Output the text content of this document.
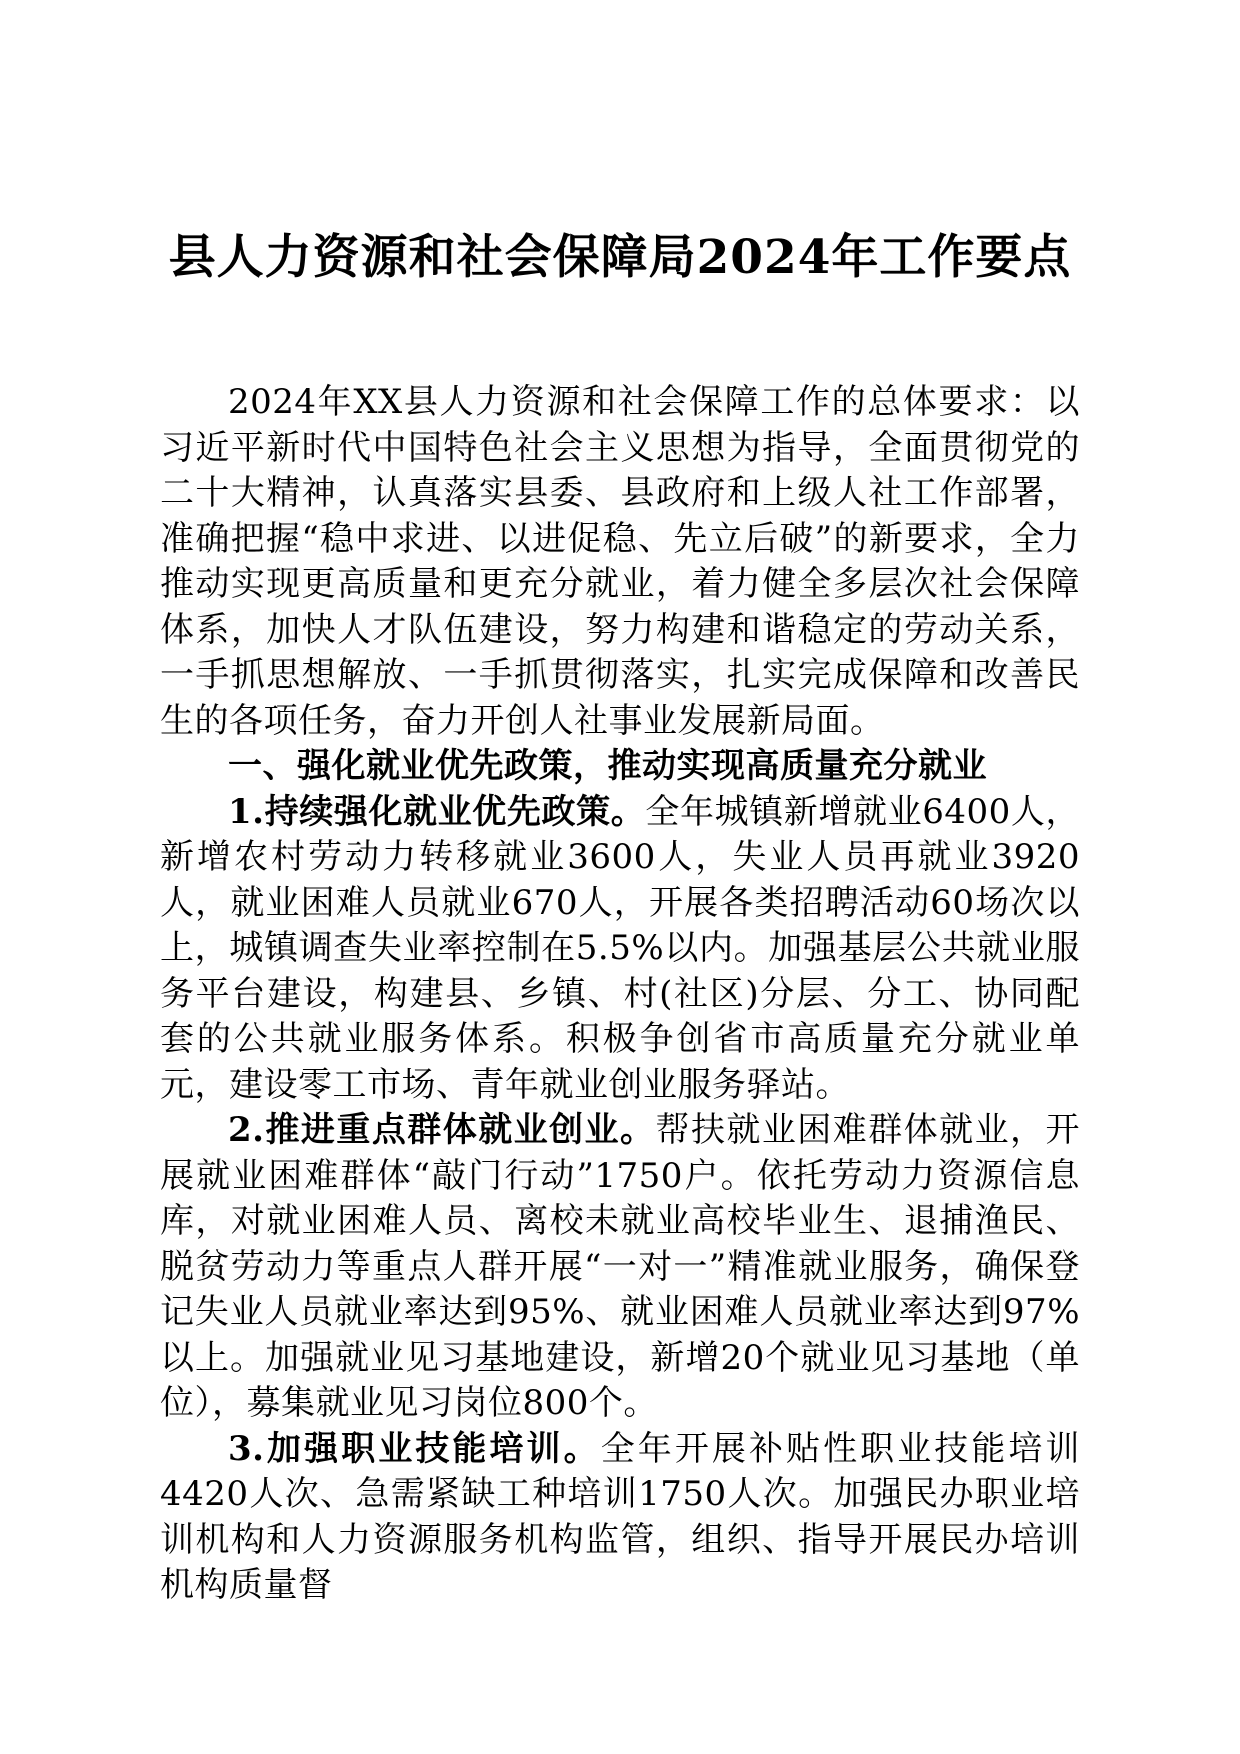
县人力资源和社会保障局2024年工作要点

2024年XX县人力资源和社会保障工作的总体要求：以习近平新时代中国特色社会主义思想为指导，全面贯彻党的二十大精神，认真落实县委、县政府和上级人社工作部署，准确把握“稳中求进、以进促稳、先立后破”的新要求，全力推动实现更高质量和更充分就业，着力健全多层次社会保障体系，加快人才队伍建设，努力构建和谐稳定的劳动关系，一手抓思想解放、一手抓贯彻落实，扎实完成保障和改善民生的各项任务，奋力开创人社事业发展新局面。

一、强化就业优先政策，推动实现高质量充分就业

1.持续强化就业优先政策。全年城镇新增就业6400人，新增农村劳动力转移就业3600人，失业人员再就业3920人，就业困难人员就业670人，开展各类招聘活动60场次以上，城镇调查失业率控制在5.5%以内。加强基层公共就业服务平台建设，构建县、乡镇、村(社区)分层、分工、协同配套的公共就业服务体系。积极争创省市高质量充分就业单元，建设零工市场、青年就业创业服务驿站。

2.推进重点群体就业创业。帮扶就业困难群体就业，开展就业困难群体“敲门行动”1750户。依托劳动力资源信息库，对就业困难人员、离校未就业高校毕业生、退捕渔民、脱贫劳动力等重点人群开展“一对一”精准就业服务，确保登记失业人员就业率达到95%、就业困难人员就业率达到97%以上。加强就业见习基地建设，新增20个就业见习基地（单位），募集就业见习岗位800个。

3.加强职业技能培训。全年开展补贴性职业技能培训4420人次、急需紧缺工种培训1750人次。加强民办职业培训机构和人力资源服务机构监管，组织、指导开展民办培训机构质量督
